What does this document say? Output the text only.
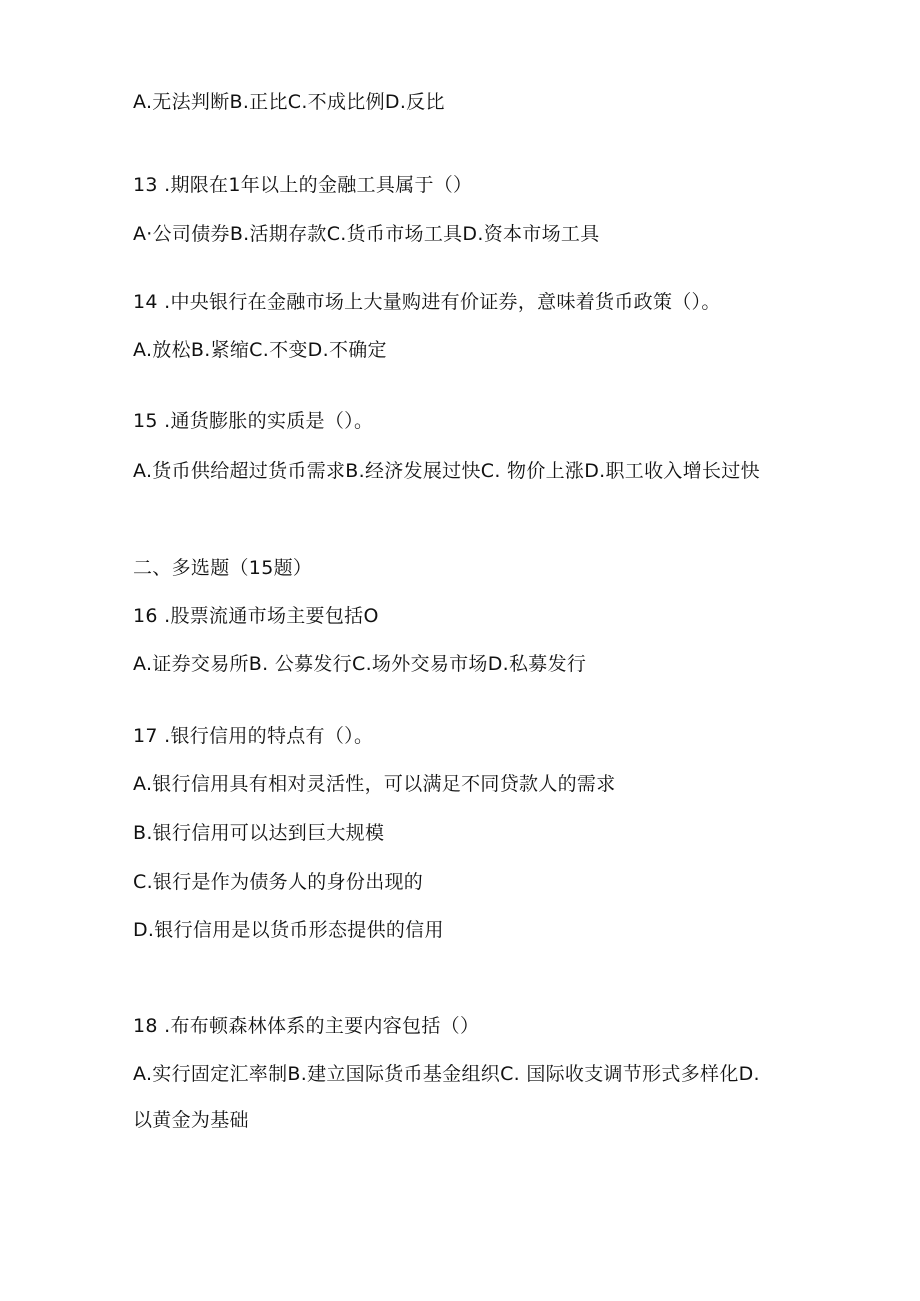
A.无法判断B.正比C.不成比例D.反比
13 .期限在1年以上的金融工具属于（）
A·公司债券B.活期存款C.货币市场工具D.资本市场工具
14 .中央银行在金融市场上大量购进有价证券，意味着货币政策（）。
A.放松B.紧缩C.不变D.不确定
15 .通货膨胀的实质是（）。
A.货币供给超过货币需求B.经济发展过快C. 物价上涨D.职工收入增长过快
二、多选题（15题）
16 .股票流通市场主要包括O
A.证券交易所B. 公募发行C.场外交易市场D.私募发行
17 .银行信用的特点有（）。
A.银行信用具有相对灵活性，可以满足不同贷款人的需求
B.银行信用可以达到巨大规模
C.银行是作为债务人的身份出现的
D.银行信用是以货币形态提供的信用
18 .布布顿森林体系的主要内容包括（）
A.实行固定汇率制B.建立国际货币基金组织C. 国际收支调节形式多样化D.
以黄金为基础
